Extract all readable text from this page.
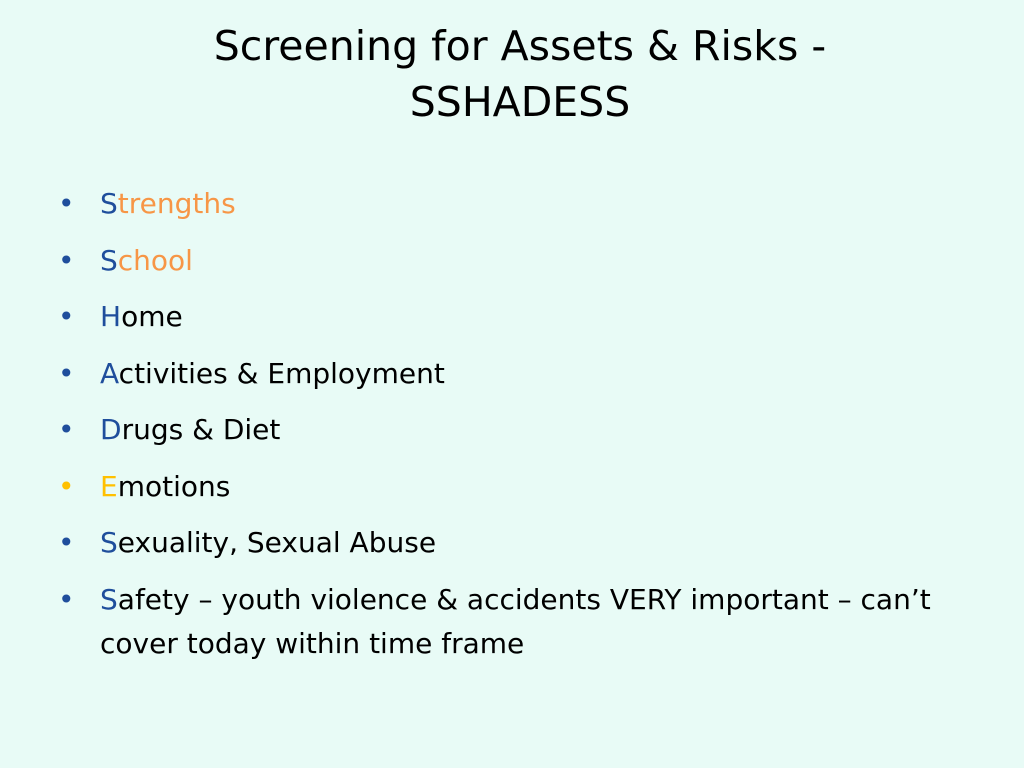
Screening for Assets & Risks -
SSHADESS
• Strengths
• School
• Home
• Activities & Employment
• Drugs & Diet
• Emotions
• Sexuality, Sexual Abuse
• Safety – youth violence & accidents VERY important – can’t cover today within time frame
